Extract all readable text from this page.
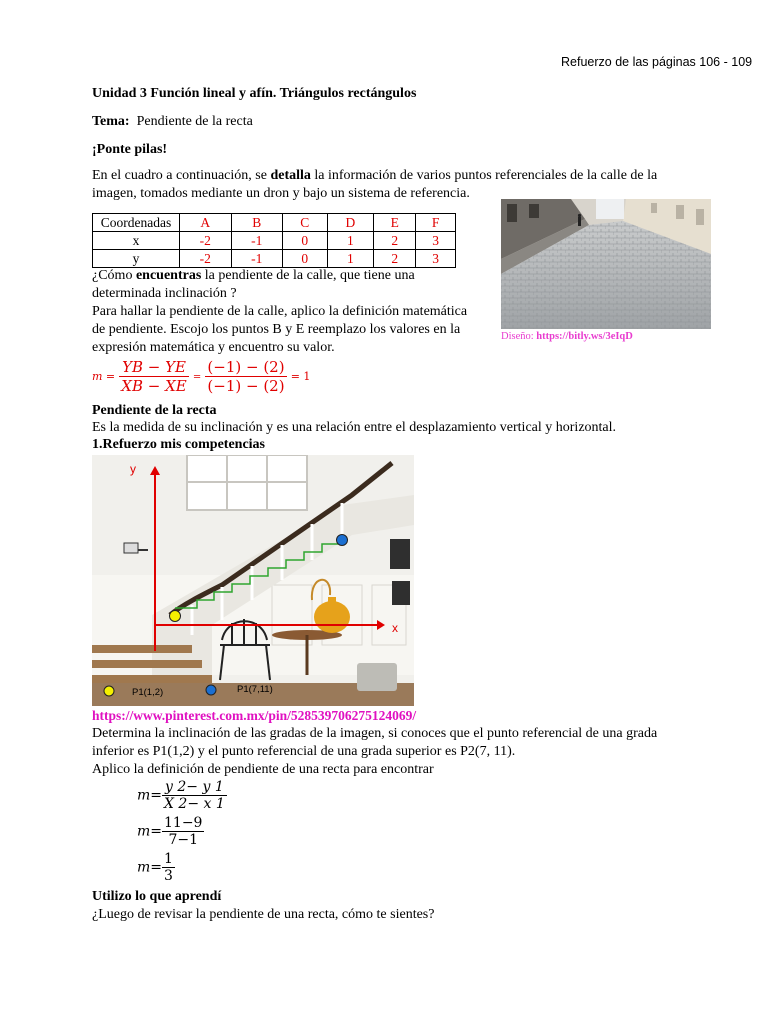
Refuerzo de las páginas 106 - 109
Unidad 3 Función lineal y afín. Triángulos rectángulos
Tema: Pendiente de la recta
¡Ponte pilas!
En el cuadro a continuación, se detalla la información de varios puntos referenciales de la calle de la
imagen, tomados mediante un dron y bajo un sistema de referencia.
Coordenadas	A	B	C	D	E	F
x	-2	-1	0	1	2	3
y	-2	-1	0	1	2	3
Diseño: https://bitly.ws/3eIqD
¿Cómo encuentras la pendiente de la calle, que tiene una
determinada inclinación ?
Para hallar la pendiente de la calle, aplico la definición matemática
de pendiente. Escojo los puntos B y E reemplazo los valores en la
expresión matemática y encuentro su valor.
$m = \frac{YB - YE}{XB - XE} = \frac{(-1) - (2)}{(-1) - (2)} = 1$
Pendiente de la recta
Es la medida de su inclinación y es una relación entre el desplazamiento vertical y horizontal.
1.Refuerzo mis competencias
y
x
P1(1,2)	P1(7,11)
https://www.pinterest.com.mx/pin/528539706275124069/
Determina la inclinación de las gradas de la imagen, si conoces que el punto referencial de una grada
inferior es P1(1,2) y el punto referencial de una grada superior es P2(7, 11).
Aplico la definición de pendiente de una recta para encontrar
$m= \frac{y 2- y 1}{X 2- x 1}$
$m= \frac{11-9}{7-1}$
$m= \frac{1}{3}$
Utilizo lo que aprendí
¿Luego de revisar la pendiente de una recta, cómo te sientes?
